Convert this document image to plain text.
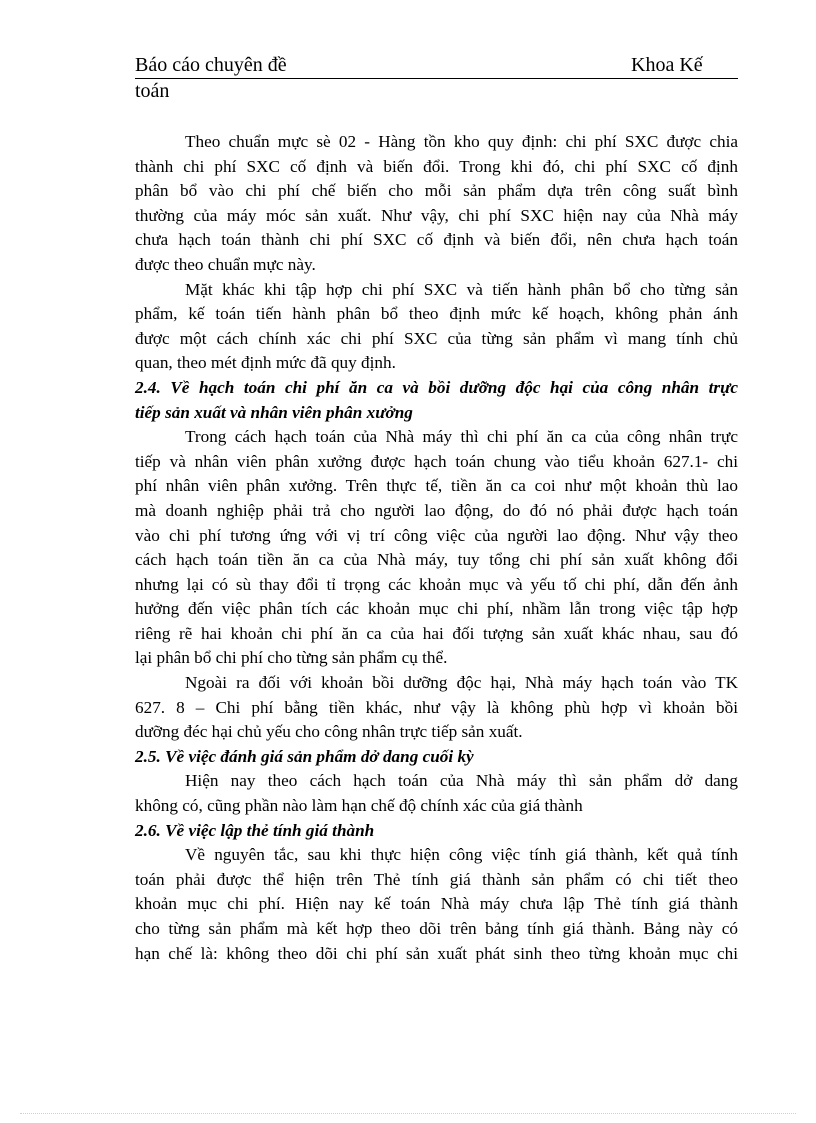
Báo cáo chuyên đề	Khoa Kế
toán
Theo chuẩn mực sè 02 - Hàng tồn kho quy định: chi phí SXC được chia
thành chi phí SXC cố định và biến đổi. Trong khi đó, chi phí SXC cố định
phân bổ vào chi phí chế biến cho mỗi sản phẩm dựa trên công suất bình
thường của máy móc sản xuất. Như vậy, chi phí SXC hiện nay của Nhà máy
chưa hạch toán thành chi phí SXC cố định và biến đổi, nên chưa hạch toán
được theo chuẩn mực này.
Mặt khác khi tập hợp chi phí SXC và tiến hành phân bổ cho từng sản
phẩm, kế toán tiến hành phân bổ theo định mức kế hoạch, không phản ánh
được một cách chính xác chi phí SXC của từng sản phẩm vì mang tính chủ
quan, theo mét định mức đã quy định.
2.4. Về hạch toán chi phí ăn ca và bồi dưỡng độc hại của công nhân trực
tiếp sản xuất và nhân viên phân xưởng
Trong cách hạch toán của Nhà máy thì chi phí ăn ca của công nhân trực
tiếp và nhân viên phân xưởng được hạch toán chung vào tiểu khoản 627.1- chi
phí nhân viên phân xưởng. Trên thực tế, tiền ăn ca coi như một khoản thù lao
mà doanh nghiệp phải trả cho người lao động, do đó nó phải được hạch toán
vào chi phí tương ứng với vị trí công việc của người lao động. Như vậy theo
cách hạch toán tiền ăn ca của Nhà máy, tuy tổng chi phí sản xuất không đổi
nhưng lại có sù thay đổi tỉ trọng các khoản mục và yếu tố chi phí, dẫn đến ảnh
hưởng đến việc phân tích các khoản mục chi phí, nhầm lẫn trong việc tập hợp
riêng rẽ hai khoản chi phí ăn ca của hai đối tượng sản xuất khác nhau, sau đó
lại phân bổ chi phí cho từng sản phẩm cụ thể.
Ngoài ra đối với khoản bồi dưỡng độc hại, Nhà máy hạch toán vào TK
627. 8 – Chi phí bằng tiền khác, như vậy là không phù hợp vì khoản bồi
dưỡng đéc hại chủ yếu cho công nhân trực tiếp sản xuất.
2.5. Về việc đánh giá sản phẩm dở dang cuối kỳ
Hiện nay theo cách hạch toán của Nhà máy thì sản phẩm dở dang
không có, cũng phần nào làm hạn chế độ chính xác của giá thành
2.6. Về việc lập thẻ tính giá thành
Về nguyên tắc, sau khi thực hiện công việc tính giá thành, kết quả tính
toán phải được thể hiện trên Thẻ tính giá thành sản phẩm có chi tiết theo
khoản mục chi phí. Hiện nay kế toán Nhà máy chưa lập Thẻ tính giá thành
cho từng sản phẩm mà kết hợp theo dõi trên bảng tính giá thành. Bảng này có
hạn chế là: không theo dõi chi phí sản xuất phát sinh theo từng khoản mục chi
